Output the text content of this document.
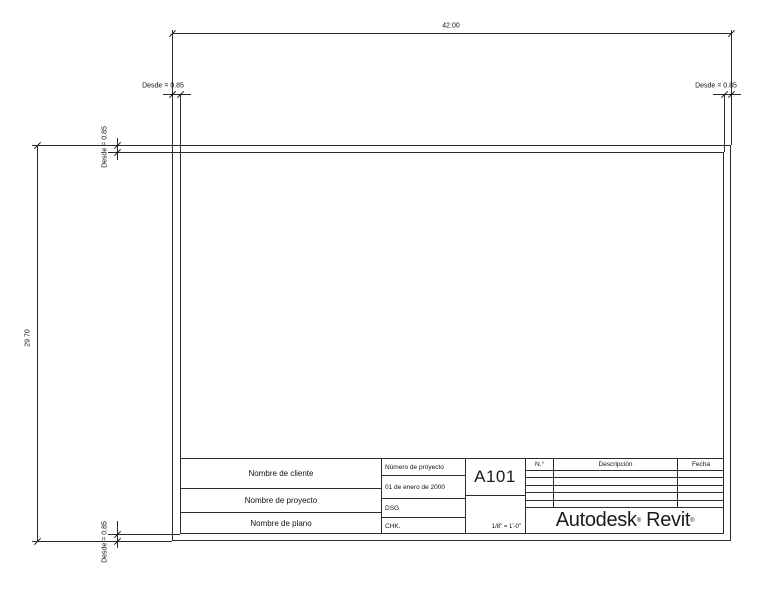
42.00
Desde = 0.85	Desde = 0.85
29.70
Desde = 0.85
Desde = 0.85
Nombre de cliente
Nombre de proyecto
Nombre de plano
Número de proyecto
01 de enero de 2000
DSG
CHK.
A101
1/8" = 1'-0"
N.°	Descripción	Fecha
Autodesk ®
Revit ®
